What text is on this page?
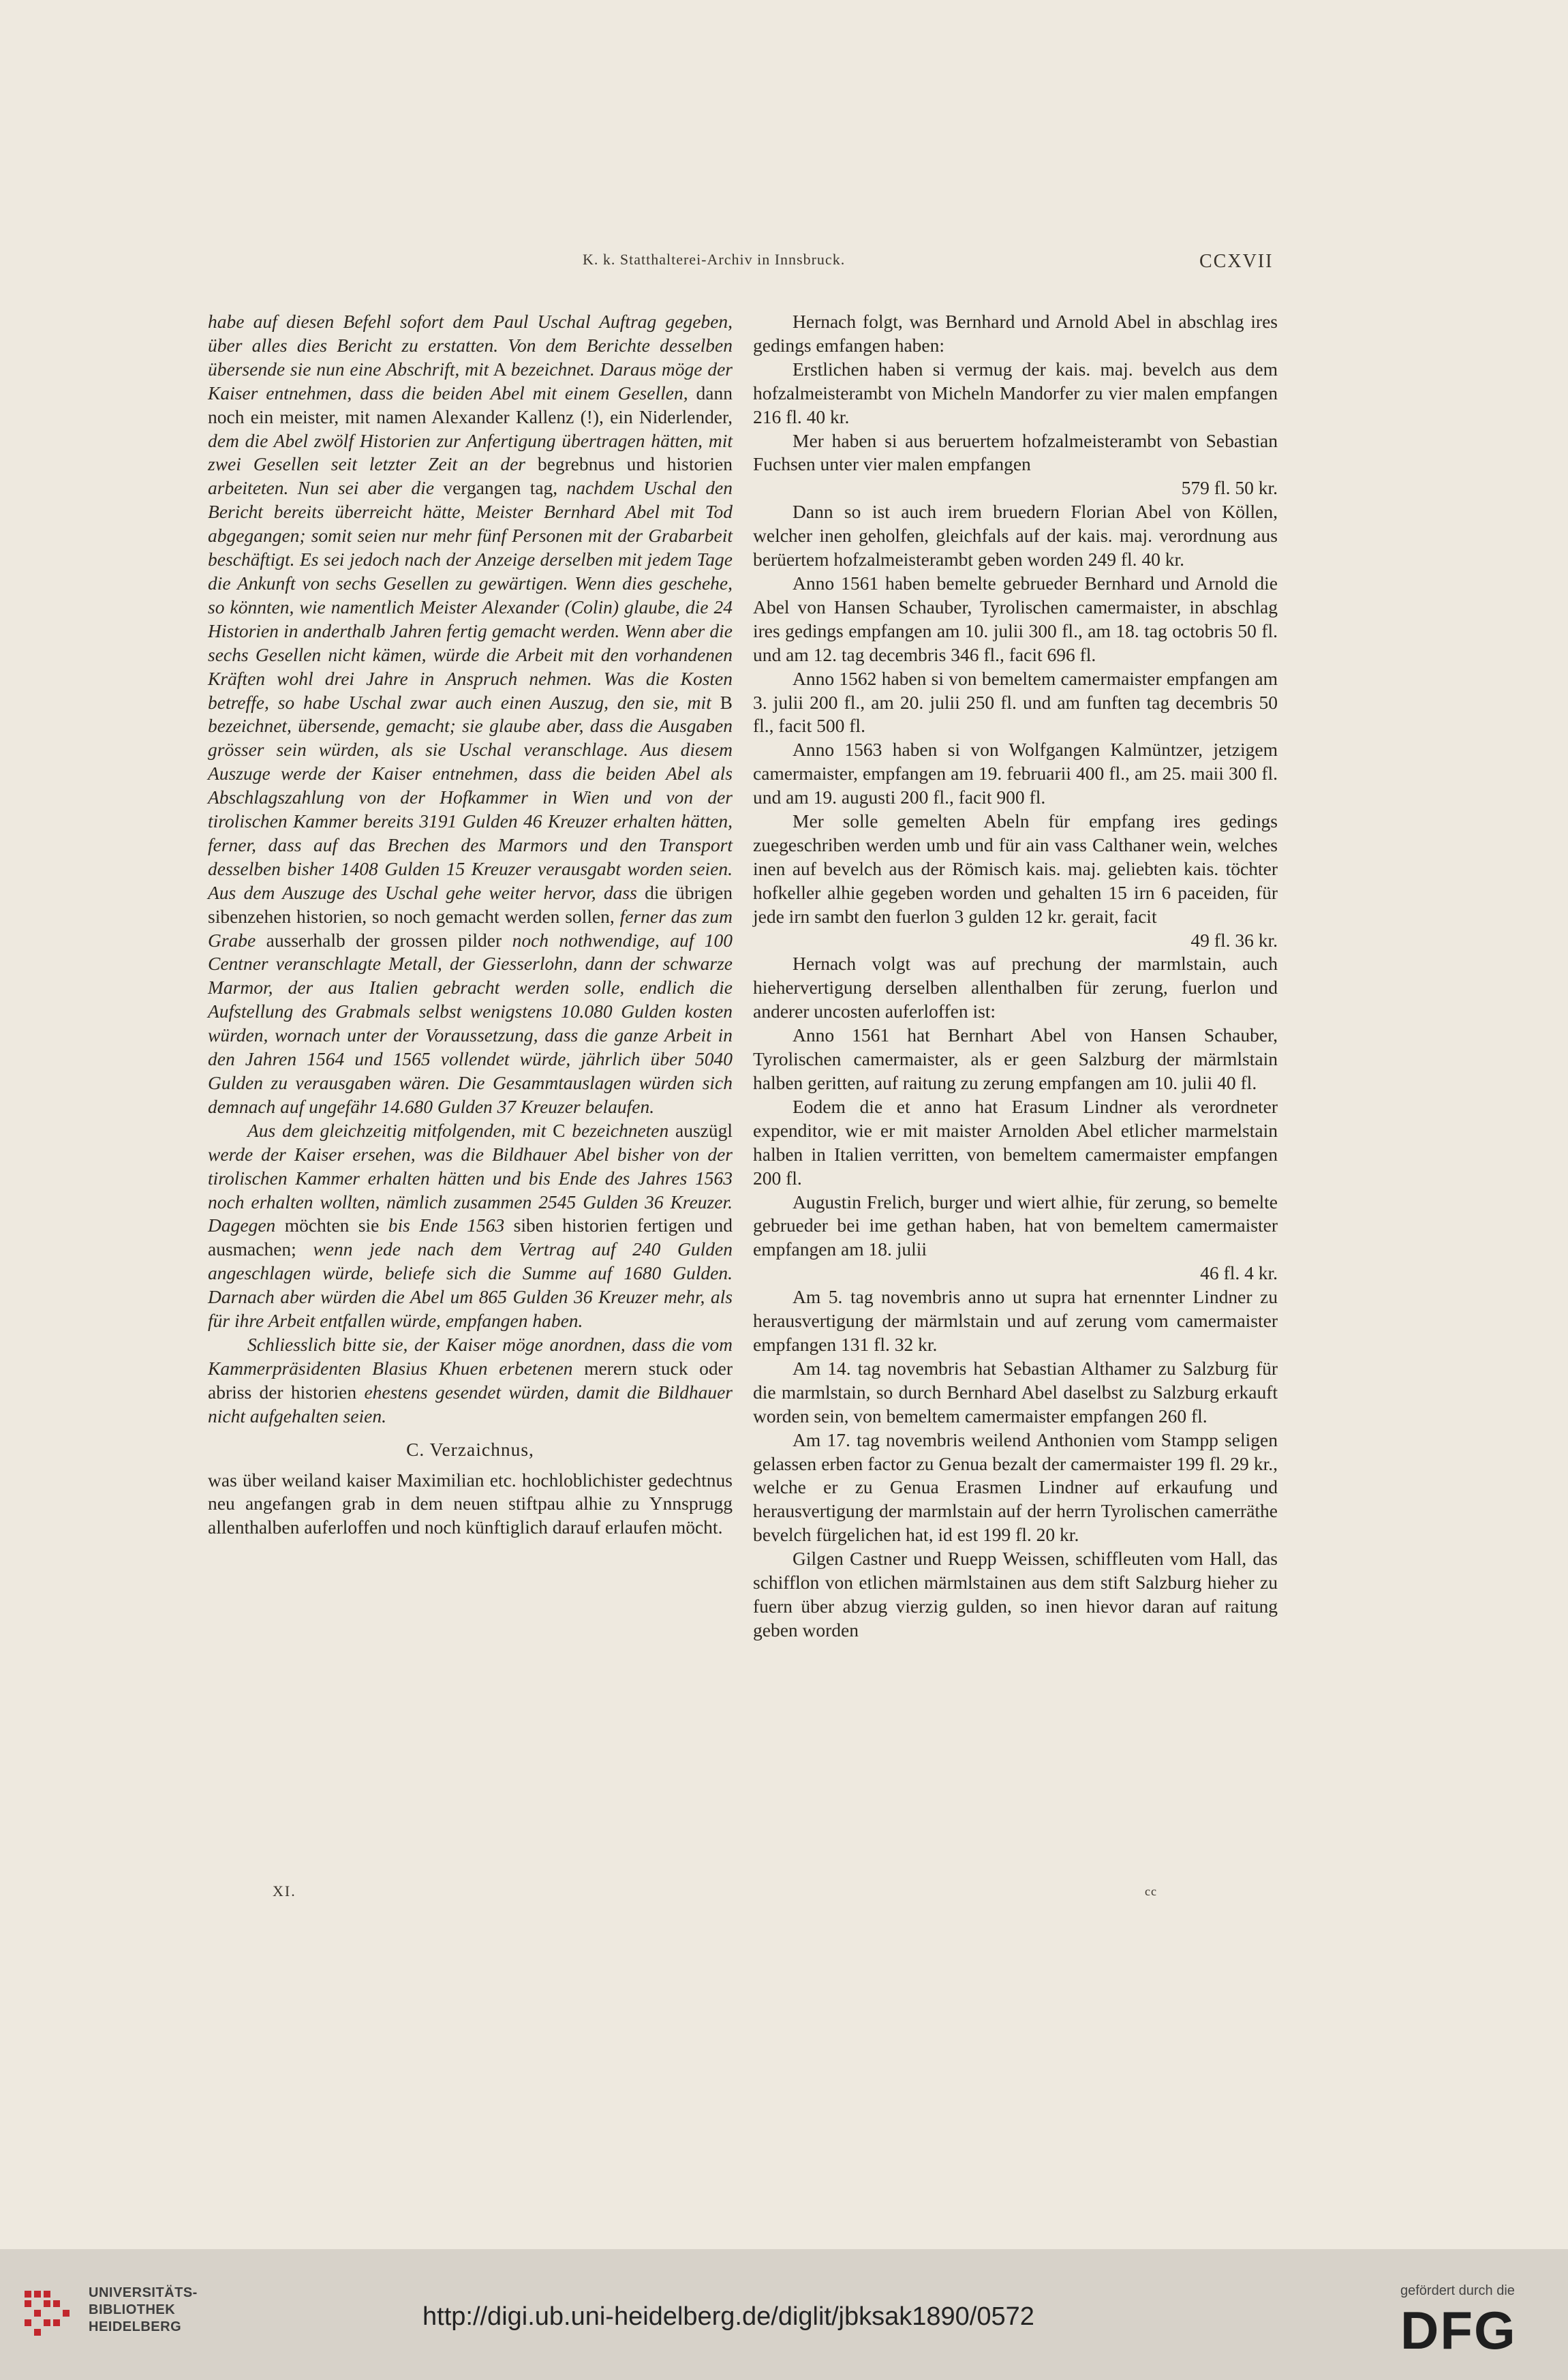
K. k. Statthalterei-Archiv in Innsbruck.	CCXVII

habe auf diesen Befehl sofort dem Paul Uschal Auftrag gegeben, über alles dies Bericht zu erstatten. Von dem Berichte desselben übersende sie nun eine Abschrift, mit A bezeichnet. Daraus möge der Kaiser entnehmen, dass die beiden Abel mit einem Gesellen, dann noch ein meister, mit namen Alexander Kallenz (!), ein Niderlender, dem die Abel zwölf Historien zur Anfertigung übertragen hätten, mit zwei Gesellen seit letzter Zeit an der begrebnus und historien arbeiteten. Nun sei aber die vergangen tag, nachdem Uschal den Bericht bereits überreicht hätte, Meister Bernhard Abel mit Tod abgegangen; somit seien nur mehr fünf Personen mit der Grabarbeit beschäftigt. Es sei jedoch nach der Anzeige derselben mit jedem Tage die Ankunft von sechs Gesellen zu gewärtigen. Wenn dies geschehe, so könnten, wie namentlich Meister Alexander (Colin) glaube, die 24 Historien in anderthalb Jahren fertig gemacht werden. Wenn aber die sechs Gesellen nicht kämen, würde die Arbeit mit den vorhandenen Kräften wohl drei Jahre in Anspruch nehmen. Was die Kosten betreffe, so habe Uschal zwar auch einen Auszug, den sie, mit B bezeichnet, übersende, gemacht; sie glaube aber, dass die Ausgaben grösser sein würden, als sie Uschal veranschlage. Aus diesem Auszuge werde der Kaiser entnehmen, dass die beiden Abel als Abschlagszahlung von der Hofkammer in Wien und von der tirolischen Kammer bereits 3191 Gulden 46 Kreuzer erhalten hätten, ferner, dass auf das Brechen des Marmors und den Transport desselben bisher 1408 Gulden 15 Kreuzer verausgabt worden seien. Aus dem Auszuge des Uschal gehe weiter hervor, dass die übrigen sibenzehen historien, so noch gemacht werden sollen, ferner das zum Grabe ausserhalb der grossen pilder noch nothwendige, auf 100 Centner veranschlagte Metall, der Giesserlohn, dann der schwarze Marmor, der aus Italien gebracht werden solle, endlich die Aufstellung des Grabmals selbst wenigstens 10.080 Gulden kosten würden, wornach unter der Voraussetzung, dass die ganze Arbeit in den Jahren 1564 und 1565 vollendet würde, jährlich über 5040 Gulden zu verausgaben wären. Die Gesammtauslagen würden sich demnach auf ungefähr 14.680 Gulden 37 Kreuzer belaufen.

Aus dem gleichzeitig mitfolgenden, mit C bezeichneten auszügl werde der Kaiser ersehen, was die Bildhauer Abel bisher von der tirolischen Kammer erhalten hätten und bis Ende des Jahres 1563 noch erhalten wollten, nämlich zusammen 2545 Gulden 36 Kreuzer. Dagegen möchten sie bis Ende 1563 siben historien fertigen und ausmachen; wenn jede nach dem Vertrag auf 240 Gulden angeschlagen würde, beliefe sich die Summe auf 1680 Gulden. Darnach aber würden die Abel um 865 Gulden 36 Kreuzer mehr, als für ihre Arbeit entfallen würde, empfangen haben.

Schliesslich bitte sie, der Kaiser möge anordnen, dass die vom Kammerpräsidenten Blasius Khuen erbetenen merern stuck oder abriss der historien ehestens gesendet würden, damit die Bildhauer nicht aufgehalten seien.

C. Verzaichnus,

was über weiland kaiser Maximilian etc. hochloblichister gedechtnus neu angefangen grab in dem neuen stiftpau alhie zu Ynnsprugg allenthalben auferloffen und noch künftiglich darauf erlaufen möcht.

Hernach folgt, was Bernhard und Arnold Abel in abschlag ires gedings emfangen haben:

Erstlichen haben si vermug der kais. maj. bevelch aus dem hofzalmeisterambt von Micheln Mandorfer zu vier malen empfangen 216 fl. 40 kr.

Mer haben si aus beruertem hofzalmeisterambt von Sebastian Fuchsen unter vier malen empfangen

579 fl. 50 kr.

Dann so ist auch irem bruedern Florian Abel von Köllen, welcher inen geholfen, gleichfals auf der kais. maj. verordnung aus berüertem hofzalmeisterambt geben worden 249 fl. 40 kr.

Anno 1561 haben bemelte gebrueder Bernhard und Arnold die Abel von Hansen Schauber, Tyrolischen camermaister, in abschlag ires gedings empfangen am 10. julii 300 fl., am 18. tag octobris 50 fl. und am 12. tag decembris 346 fl., facit 696 fl.

Anno 1562 haben si von bemeltem camermaister empfangen am 3. julii 200 fl., am 20. julii 250 fl. und am funften tag decembris 50 fl., facit 500 fl.

Anno 1563 haben si von Wolfgangen Kalmüntzer, jetzigem camermaister, empfangen am 19. februarii 400 fl., am 25. maii 300 fl. und am 19. augusti 200 fl., facit 900 fl.

Mer solle gemelten Abeln für empfang ires gedings zuegeschriben werden umb und für ain vass Calthaner wein, welches inen auf bevelch aus der Römisch kais. maj. geliebten kais. töchter hofkeller alhie gegeben worden und gehalten 15 irn 6 paceiden, für jede irn sambt den fuerlon 3 gulden 12 kr. gerait, facit

49 fl. 36 kr.

Hernach volgt was auf prechung der marmlstain, auch hiehervertigung derselben allenthalben für zerung, fuerlon und anderer uncosten auferloffen ist:

Anno 1561 hat Bernhart Abel von Hansen Schauber, Tyrolischen camermaister, als er geen Salzburg der märmlstain halben geritten, auf raitung zu zerung empfangen am 10. julii 40 fl.

Eodem die et anno hat Erasum Lindner als verordneter expenditor, wie er mit maister Arnolden Abel etlicher marmelstain halben in Italien verritten, von bemeltem camermaister empfangen 200 fl.

Augustin Frelich, burger und wiert alhie, für zerung, so bemelte gebrueder bei ime gethan haben, hat von bemeltem camermaister empfangen am 18. julii

46 fl. 4 kr.

Am 5. tag novembris anno ut supra hat ernennter Lindner zu herausvertigung der märmlstain und auf zerung vom camermaister empfangen 131 fl. 32 kr.

Am 14. tag novembris hat Sebastian Althamer zu Salzburg für die marmlstain, so durch Bernhard Abel daselbst zu Salzburg erkauft worden sein, von bemeltem camermaister empfangen 260 fl.

Am 17. tag novembris weilend Anthonien vom Stampp seligen gelassen erben factor zu Genua bezalt der camermaister 199 fl. 29 kr., welche er zu Genua Erasmen Lindner auf erkaufung und herausvertigung der marmlstain auf der herrn Tyrolischen camerräthe bevelch fürgelichen hat, id est 199 fl. 20 kr.

Gilgen Castner und Ruepp Weissen, schiffleuten vom Hall, das schifflon von etlichen märmlstainen aus dem stift Salzburg hieher zu fuern über abzug vierzig gulden, so inen hievor daran auf raitung geben worden

XI.	cc
UNIVERSITÄTS-
BIBLIOTHEK
HEIDELBERG	http://digi.ub.uni-heidelberg.de/diglit/jbksak1890/0572
gefördert durch die
DFG
